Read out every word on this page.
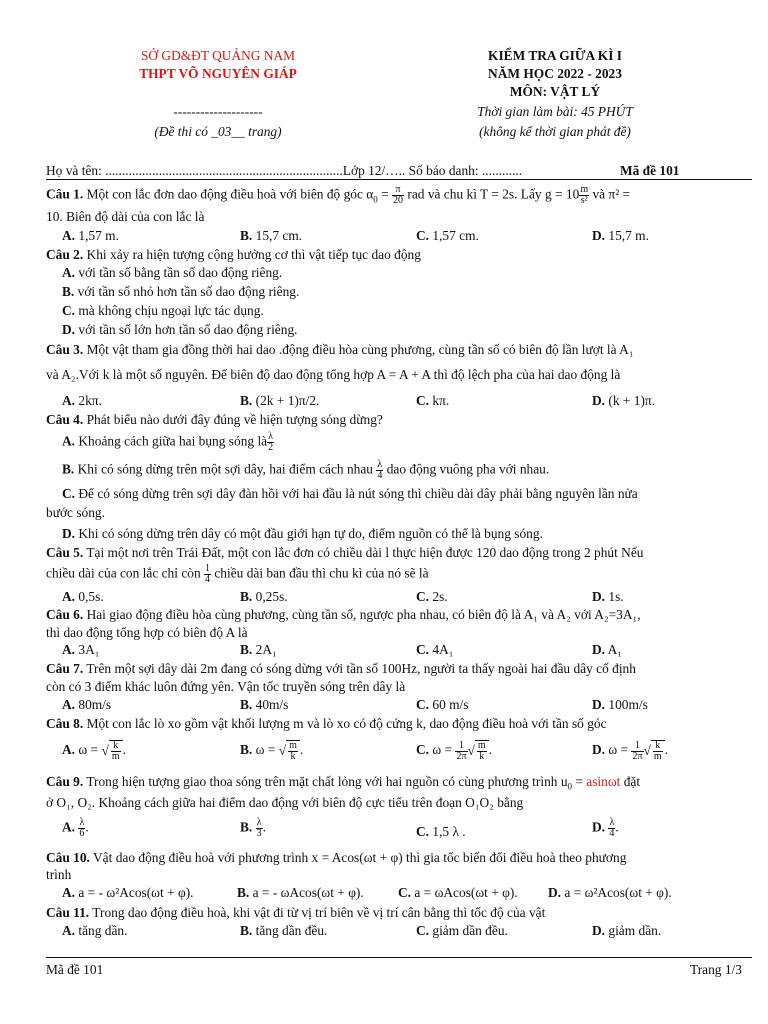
SỞ GD&ĐT QUẢNG NAM
THPT VÕ NGUYÊN GIÁP
--------------------
(Đề thi có _03__ trang)
KIỂM TRA GIỮA KÌ I
NĂM HỌC 2022 - 2023
MÔN: VẬT LÝ
Thời gian làm bài: 45 PHÚT
(không kể thời gian phát đề)
Họ và tên: .......................................................................Lớp 12/….. Số báo danh: ............	Mã đề 101
Câu 1. Một con lắc đơn dao động điều hoà với biên độ góc $\alpha_0 = \frac{\pi}{20}$ rad và chu kì T = 2s. Lấy $g = 10 \frac{m}{\text{s²}}$ và π² =
10. Biên độ dài của con lắc là
A. 1,57 m.	B. 15,7 cm.	C. 1,57 cm.	D. 15,7 m.
Câu 2. Khi xảy ra hiện tượng cộng hưởng cơ thì vật tiếp tục dao động
A. với tần số bằng tần số dao động riêng.
B. với tần số nhỏ hơn tần số dao động riêng.
C. mà không chịu ngoại lực tác dụng.
D. với tần số lớn hơn tần số dao động riêng.
Câu 3. Một vật tham gia đồng thời hai dao .động điều hòa cùng phương, cùng tần số có biên độ lần lượt là A₁
và A₂.Với k là một số nguyên. Để biên độ dao động tổng hợp A = A + A thì độ lệch pha của hai dao động là
A. 2kπ.	B. (2k + 1)π/2.	C. kπ.	D. (k + 1)π.
Câu 4. Phát biểu nào dưới đây đúng về hiện tượng sóng dừng?
A. Khoảng cách giữa hai bụng sóng là $\frac{\lambda}{2}$
B. Khi có sóng dừng trên một sợi dây, hai điểm cách nhau $\frac{\lambda}{4}$ dao động vuông pha với nhau.
C. Để có sóng dừng trên sợi dây đàn hồi với hai đầu là nút sóng thì chiều dài dây phải bằng nguyên lần nửa
bước sóng.
D. Khi có sóng dừng trên dây có một đầu giới hạn tự do, điểm nguồn có thể là bụng sóng.
Câu 5. Tại một nơi trên Trái Đất, một con lắc đơn có chiều dài l thực hiện được 120 dao động trong 2 phút Nếu
chiều dài của con lắc chỉ còn $\frac{1}{4}$ chiều dài ban đầu thì chu kì của nó sẽ là
A. 0,5s.	B. 0,25s.	C. 2s.	D. 1s.
Câu 6. Hai giao động điều hòa cùng phương, cùng tần số, ngược pha nhau, có biên độ là A₁ và A₂ với A₂=3A₁,
thì dao động tổng hợp có biên độ A là
A. 3A₁	B. 2A₁	C. 4A₁	D. A₁
Câu 7. Trên một sợi dây dài 2m đang có sóng dừng với tần số 100Hz, người ta thấy ngoài hai đầu dây cố định
còn có 3 điểm khác luôn đứng yên. Vận tốc truyền sóng trên dây là
A. 80m/s	B. 40m/s	C. 60 m/s	D. 100m/s
Câu 8. Một con lắc lò xo gồm vật khối lượng m và lò xo có độ cứng k, dao động điều hoà với tần số góc
A. ω = √ $\frac{k}{m}$ .	B. ω = √ $\frac{m}{k}$ .	C. $\omega = \frac{1}{2\pi}$ √ $\frac{m}{k}$ .	D. $\omega = \frac{1}{2\pi}$ √ $\frac{k}{m}$ .
Câu 9. Trong hiện tượng giao thoa sóng trên mặt chất lỏng với hai nguồn có cùng phương trình $u_0 = asin\omega t$ đặt
ở O₁, O₂. Khoảng cách giữa hai điểm dao động với biên độ cực tiểu trên đoạn O₁O₂ bằng
A. $\frac{\lambda}{6}$ .	B. $\frac{\lambda}{3}$ .	C. 1,5 λ .	D. $\frac{\lambda}{4}$ .
Câu 10. Vật dao động điều hoà với phương trình x = Acos(ωt + φ) thì gia tốc biến đổi điều hoà theo phương
trình
A. a = - ω²Acos(ωt + φ).	B. a = - ωAcos(ωt + φ).	C. a = ωAcos(ωt + φ). D. a = ω²Acos(ωt + φ).
Câu 11. Trong dao động điều hoà, khi vật đi từ vị trí biên về vị trí cân bằng thì tốc độ của vật
A. tăng dần.	B. tăng dần đều.	C. giảm dần đều.	D. giảm dần.
Mã đề 101	Trang 1/3
